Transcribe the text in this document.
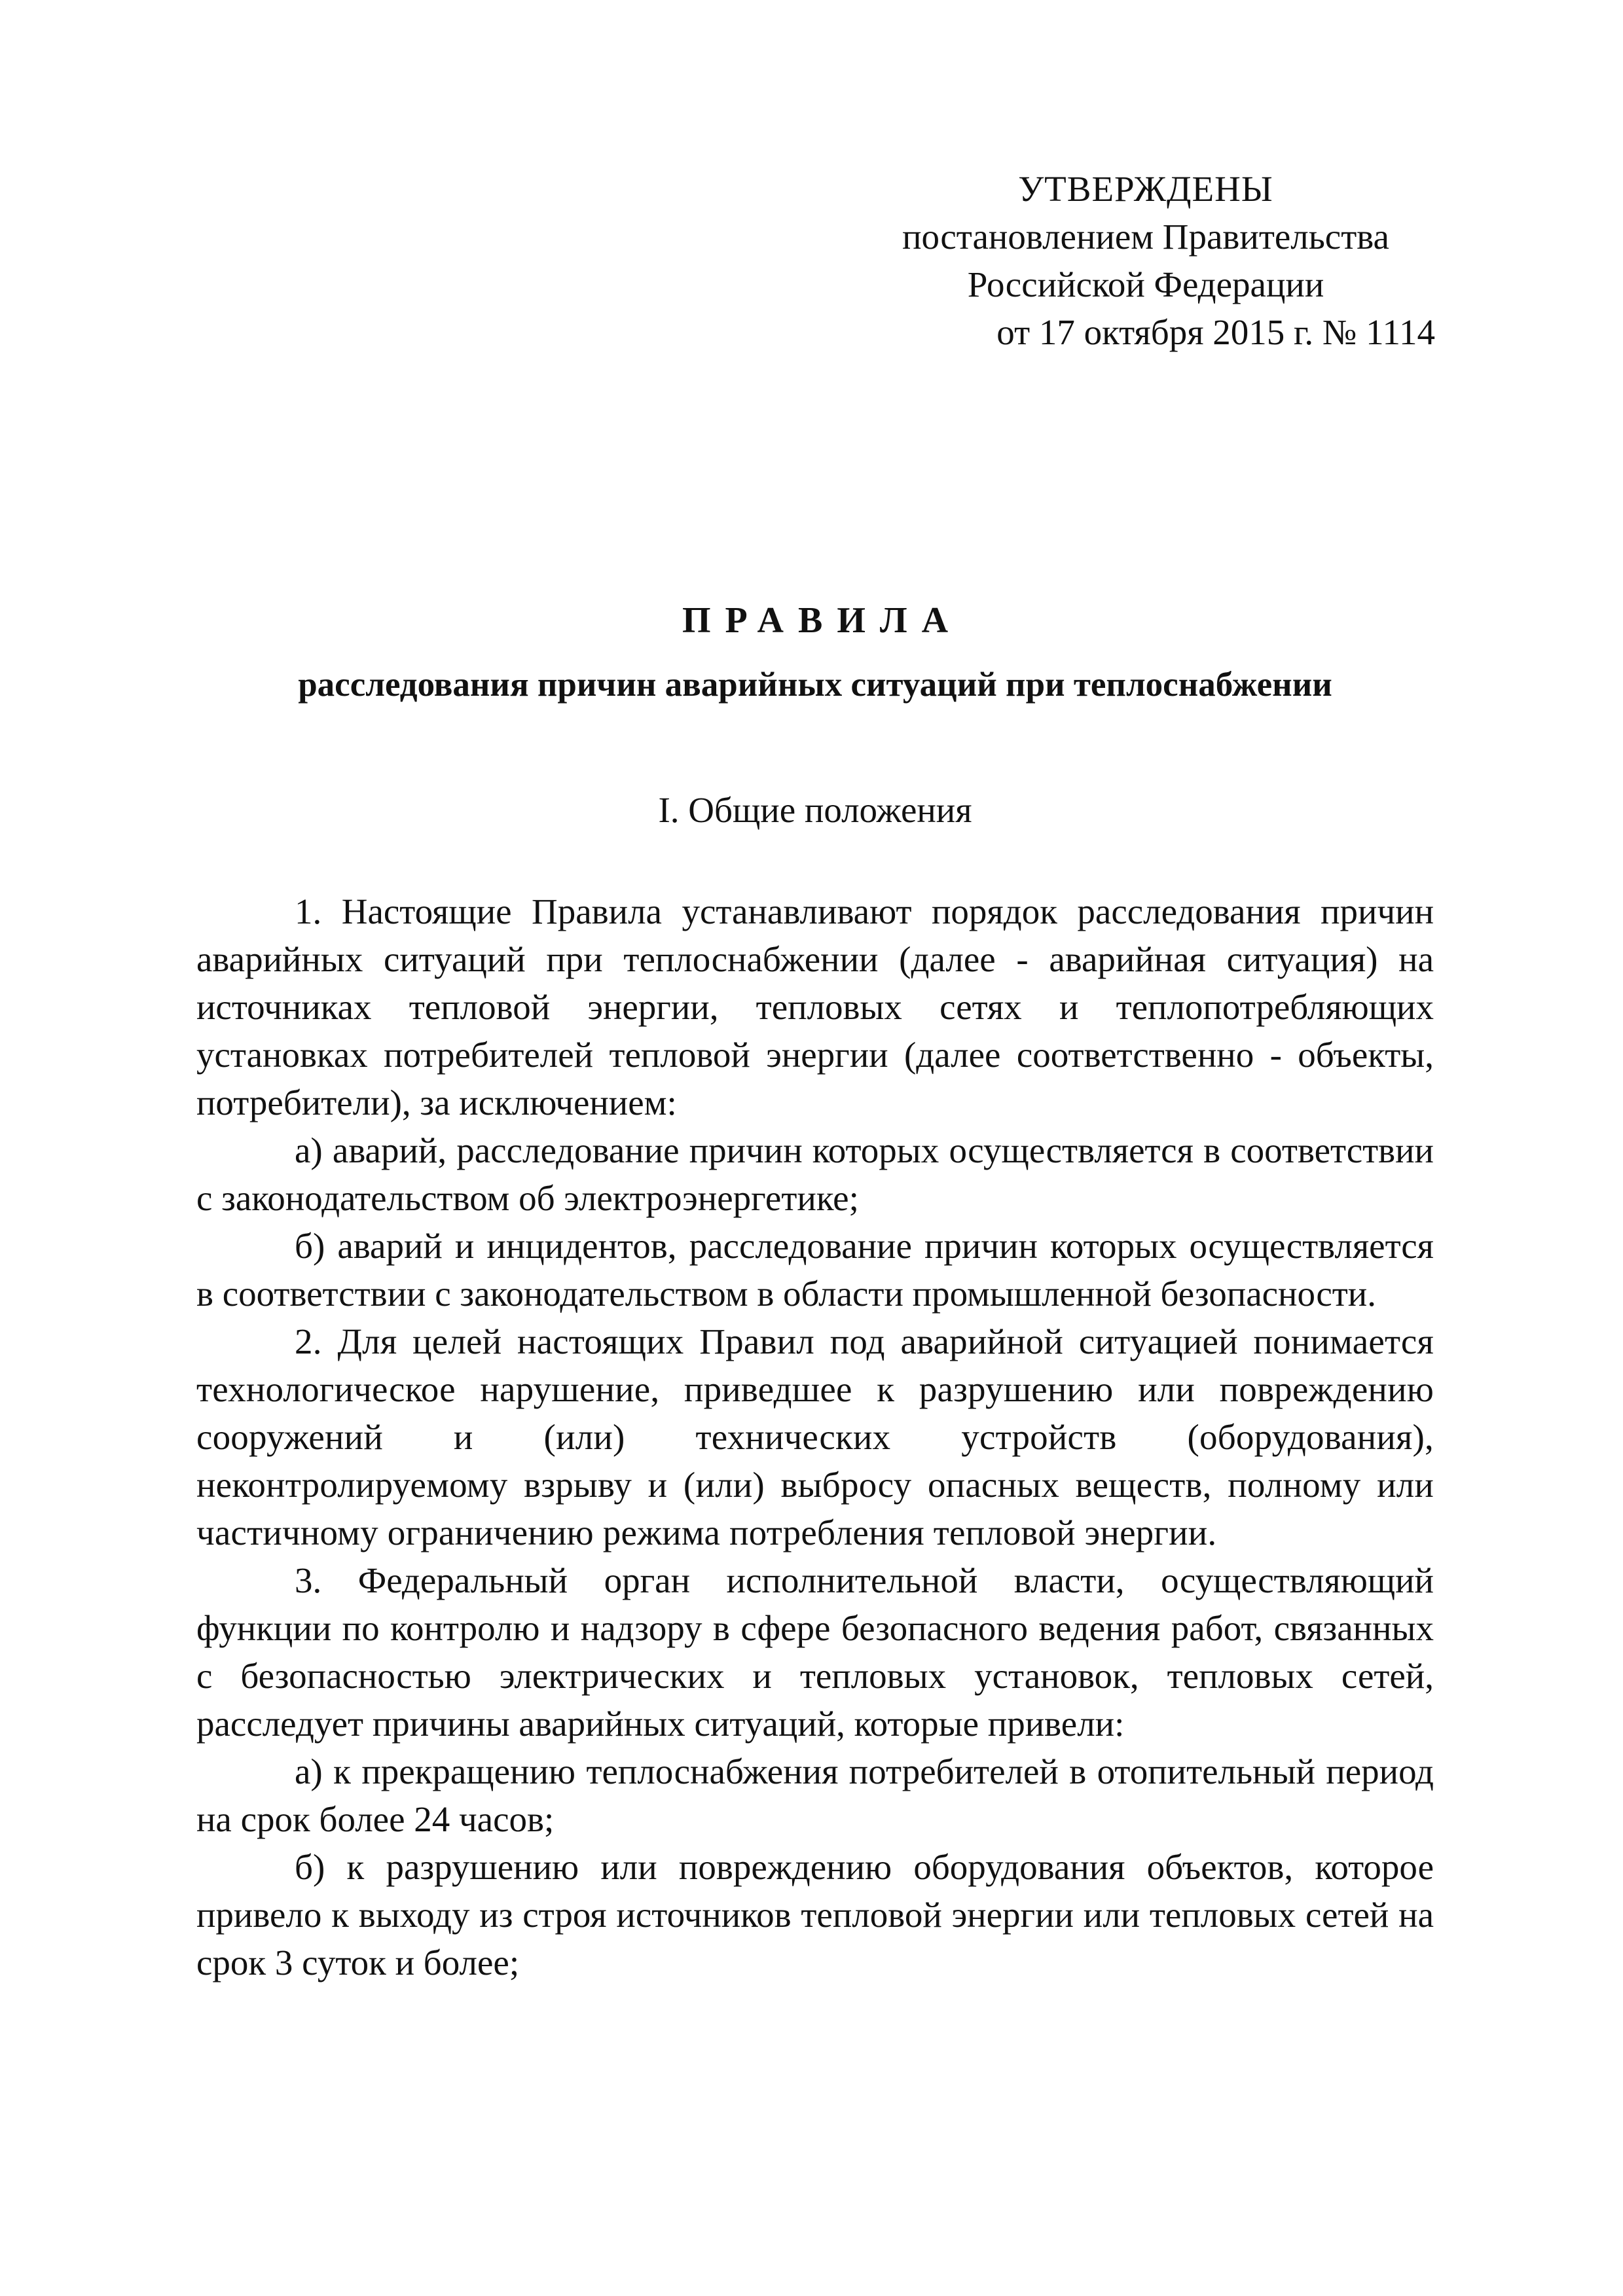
УТВЕРЖДЕНЫ
постановлением Правительства
Российской Федерации
от 17 октября 2015 г. № 1114
ПРАВИЛА
расследования причин аварийных ситуаций при теплоснабжении
I. Общие положения

1. Настоящие Правила устанавливают порядок расследования причин аварийных ситуаций при теплоснабжении (далее - аварийная ситуация) на источниках тепловой энергии, тепловых сетях и теплопотребляющих установках потребителей тепловой энергии (далее соответственно - объекты, потребители), за исключением:

а) аварий, расследование причин которых осуществляется в соответствии с законодательством об электроэнергетике;

б) аварий и инцидентов, расследование причин которых осуществляется в соответствии с законодательством в области промышленной безопасности.

2. Для целей настоящих Правил под аварийной ситуацией понимается технологическое нарушение, приведшее к разрушению или повреждению сооружений и (или) технических устройств (оборудования), неконтролируемому взрыву и (или) выбросу опасных веществ, полному или частичному ограничению режима потребления тепловой энергии.

3. Федеральный орган исполнительной власти, осуществляющий функции по контролю и надзору в сфере безопасного ведения работ, связанных с безопасностью электрических и тепловых установок, тепловых сетей, расследует причины аварийных ситуаций, которые привели:

а) к прекращению теплоснабжения потребителей в отопительный период на срок более 24 часов;

б) к разрушению или повреждению оборудования объектов, которое привело к выходу из строя источников тепловой энергии или тепловых сетей на срок 3 суток и более;
